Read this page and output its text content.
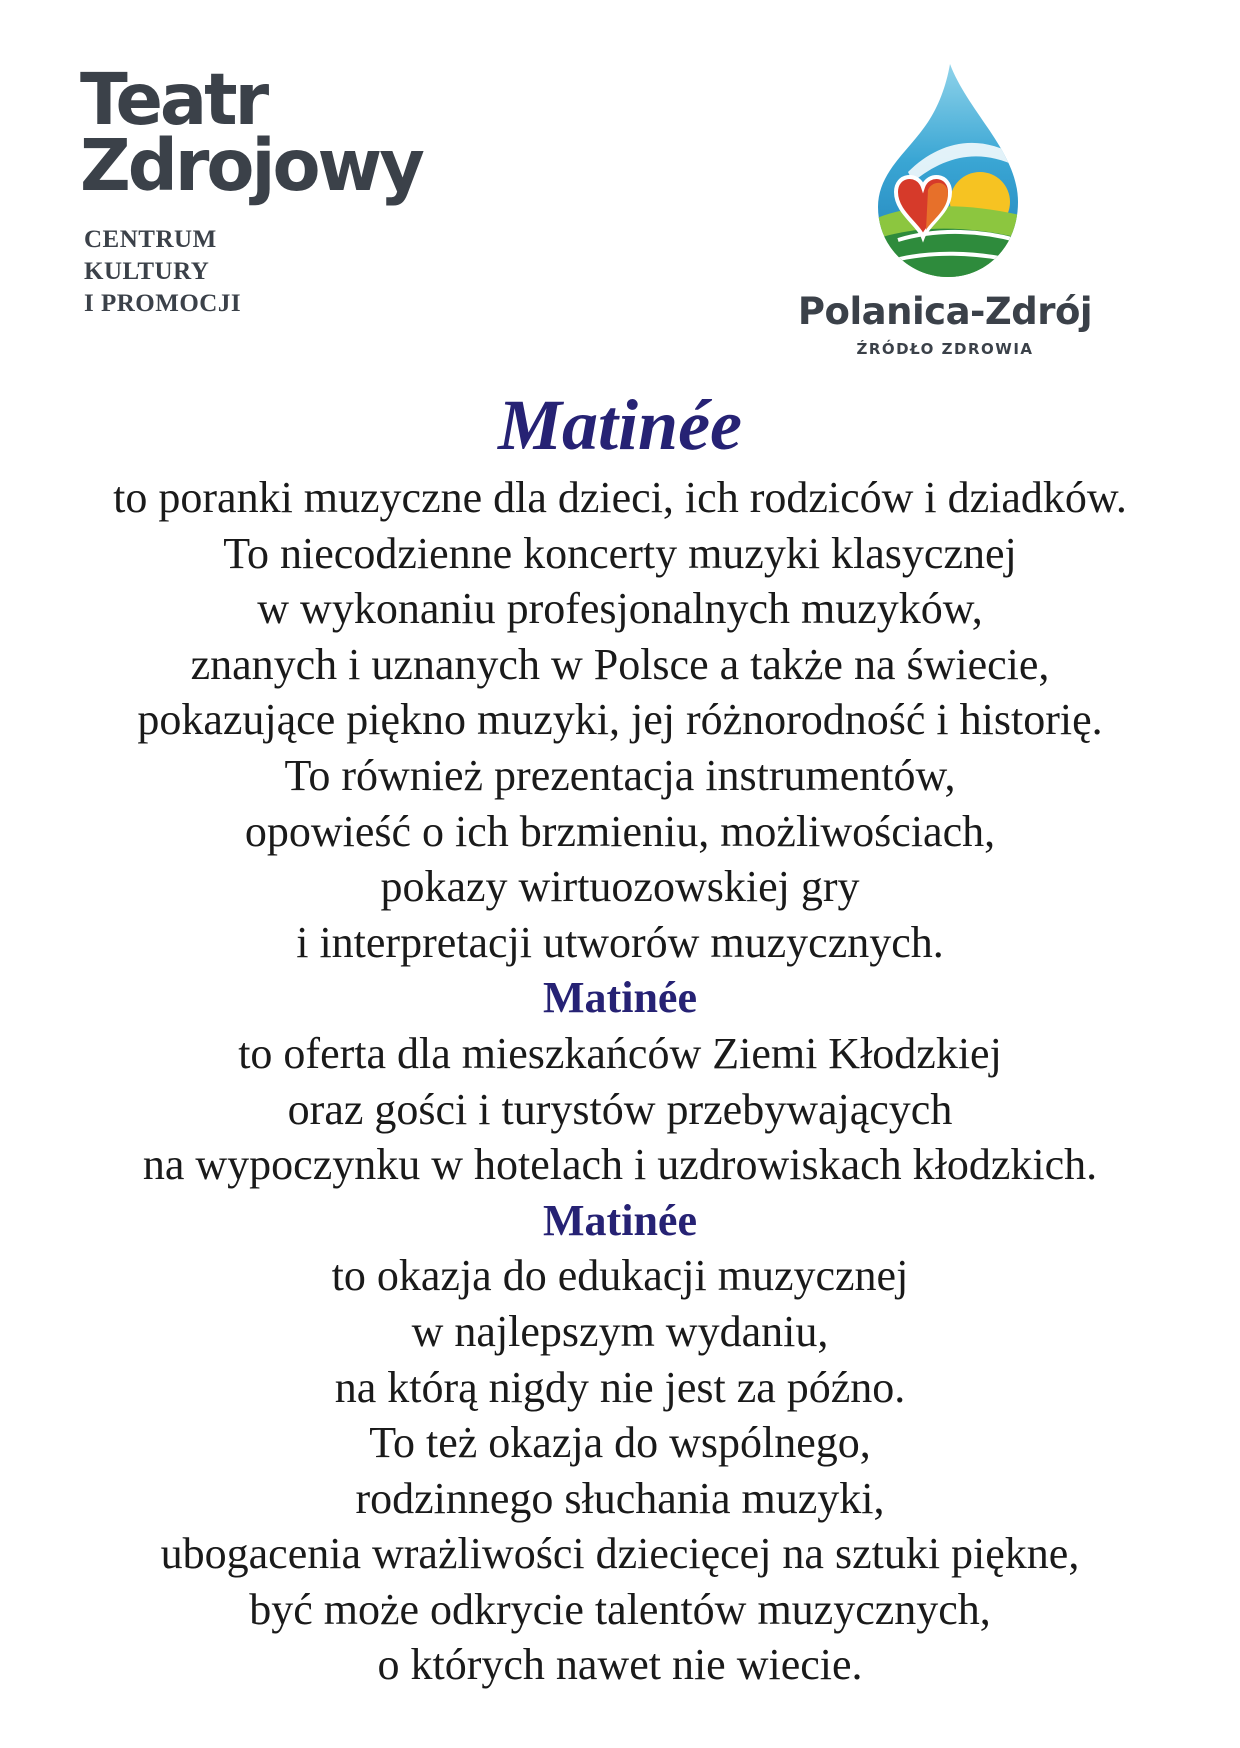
Teatr
Zdrojowy
CENTRUM
KULTURY
I PROMOCJI	Polanica-Zdrój
ŹRÓDŁO ZDROWIA
Matinée
to poranki muzyczne dla dzieci, ich rodziców i dziadków.
To niecodzienne koncerty muzyki klasycznej
w wykonaniu profesjonalnych muzyków,
znanych i uznanych w Polsce a także na świecie,
pokazujące piękno muzyki, jej różnorodność i historię.
To również prezentacja instrumentów,
opowieść o ich brzmieniu, możliwościach,
pokazy wirtuozowskiej gry
i interpretacji utworów muzycznych.
Matinée
to oferta dla mieszkańców Ziemi Kłodzkiej
oraz gości i turystów przebywających
na wypoczynku w hotelach i uzdrowiskach kłodzkich.
Matinée
to okazja do edukacji muzycznej
w najlepszym wydaniu,
na którą nigdy nie jest za późno.
To też okazja do wspólnego,
rodzinnego słuchania muzyki,
ubogacenia wrażliwości dziecięcej na sztuki piękne,
być może odkrycie talentów muzycznych,
o których nawet nie wiecie.
